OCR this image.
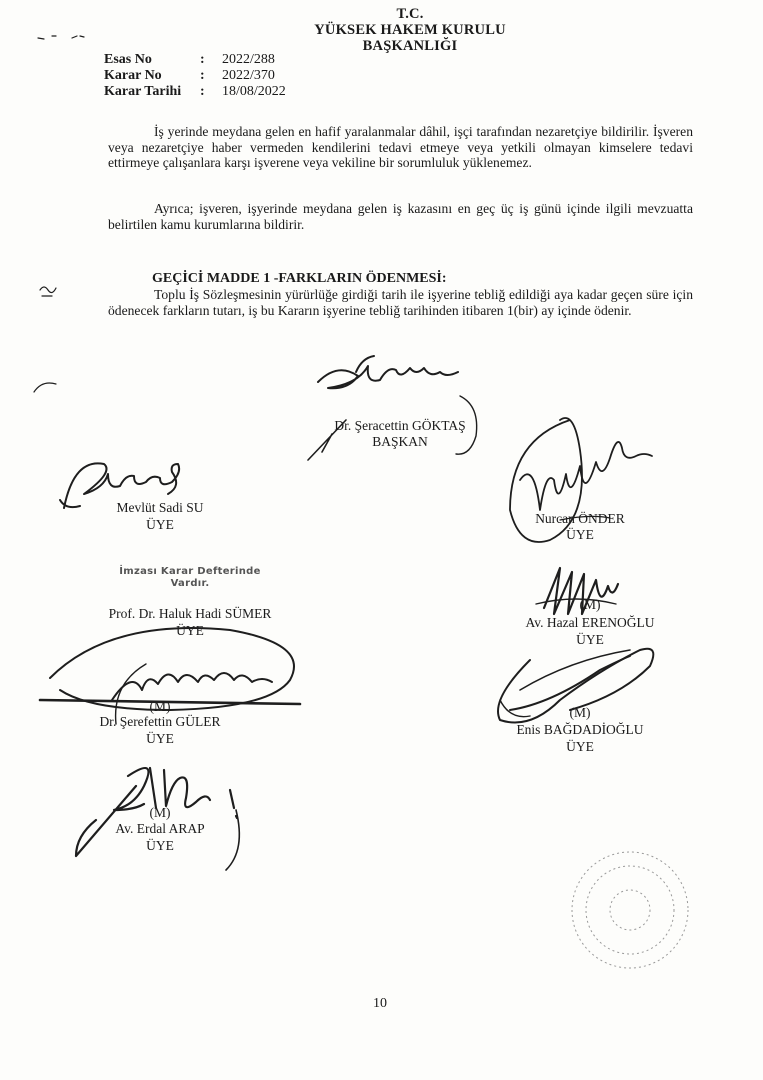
T.C.
YÜKSEK HAKEM KURULU
BAŞKANLIĞI
Esas No	:	2022/288
Karar No	:	2022/370
Karar Tarihi	:	18/08/2022
İş yerinde meydana gelen en hafif yaralanmalar dâhil, işçi tarafından nezaretçiye bildirilir. İşveren veya nezaretçiye haber vermeden kendilerini tedavi etmeye veya yetkili olmayan kimselere tedavi ettirmeye çalışanlara karşı işverene veya vekiline bir sorumluluk yüklenemez.
Ayrıca; işveren, işyerinde meydana gelen iş kazasını en geç üç iş günü içinde ilgili mevzuatta belirtilen kamu kurumlarına bildirir.
GEÇİCİ MADDE 1 -FARKLARIN ÖDENMESİ:
Toplu İş Sözleşmesinin yürürlüğe girdiği tarih ile işyerine tebliğ edildiği aya kadar geçen süre için ödenecek farkların tutarı, iş bu Kararın işyerine tebliğ tarihinden itibaren 1(bir) ay içinde ödenir.
Dr. Şeracettin GÖKTAŞ
BAŞKAN
Mevlüt Sadi SU
ÜYE	Nurcan ÖNDER
ÜYE
İmzası Karar Defterinde Vardır.
Prof. Dr. Haluk Hadi SÜMER
ÜYE
(M)
Av. Hazal ERENOĞLU
ÜYE
(M)
Dr. Şerefettin GÜLER
ÜYE
(M)
Enis BAĞDADİOĞLU
ÜYE
(M)
Av. Erdal ARAP
ÜYE
10
